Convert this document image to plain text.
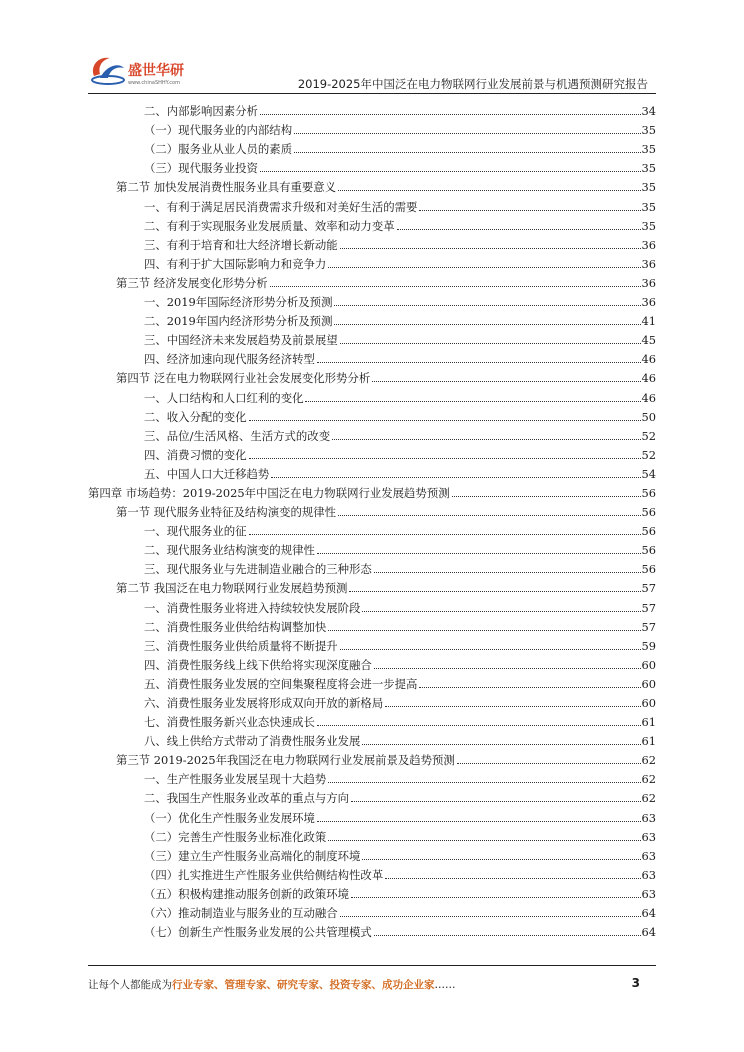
盛世华研
www.chinaSHHY.com	2019-2025年中国泛在电力物联网行业发展前景与机遇预测研究报告
二、内部影响因素分析	34
（一）现代服务业的内部结构	35
（二）服务业从业人员的素质	35
（三）现代服务业投资	35
第二节 加快发展消费性服务业具有重要意义	35
一、有利于满足居民消费需求升级和对美好生活的需要	35
二、有利于实现服务业发展质量、效率和动力变革	35
三、有利于培育和壮大经济增长新动能	36
四、有利于扩大国际影响力和竞争力	36
第三节 经济发展变化形势分析	36
一、2019年国际经济形势分析及预测	36
二、2019年国内经济形势分析及预测	41
三、中国经济未来发展趋势及前景展望	45
四、经济加速向现代服务经济转型	46
第四节 泛在电力物联网行业社会发展变化形势分析	46
一、人口结构和人口红利的变化	46
二、收入分配的变化	50
三、品位/生活风格、生活方式的改变	52
四、消费习惯的变化	52
五、中国人口大迁移趋势	54
第四章 市场趋势：2019-2025年中国泛在电力物联网行业发展趋势预测	56
第一节 现代服务业特征及结构演变的规律性	56
一、现代服务业的征	56
二、现代服务业结构演变的规律性	56
三、现代服务业与先进制造业融合的三种形态	56
第二节 我国泛在电力物联网行业发展趋势预测	57
一、消费性服务业将进入持续较快发展阶段	57
二、消费性服务业供给结构调整加快	57
三、消费性服务业供给质量将不断提升	59
四、消费性服务线上线下供给将实现深度融合	60
五、消费性服务业发展的空间集聚程度将会进一步提高	60
六、消费性服务业发展将形成双向开放的新格局	60
七、消费性服务新兴业态快速成长	61
八、线上供给方式带动了消费性服务业发展	61
第三节 2019-2025年我国泛在电力物联网行业发展前景及趋势预测	62
一、生产性服务业发展呈现十大趋势	62
二、我国生产性服务业改革的重点与方向	62
（一）优化生产性服务业发展环境	63
（二）完善生产性服务业标准化政策	63
（三）建立生产性服务业高端化的制度环境	63
（四）扎实推进生产性服务业供给侧结构性改革	63
（五）积极构建推动服务创新的政策环境	63
（六）推动制造业与服务业的互动融合	64
（七）创新生产性服务业发展的公共管理模式	64
让每个人都能成为行业专家、管理专家、研究专家、投资专家、成功企业家……	3
